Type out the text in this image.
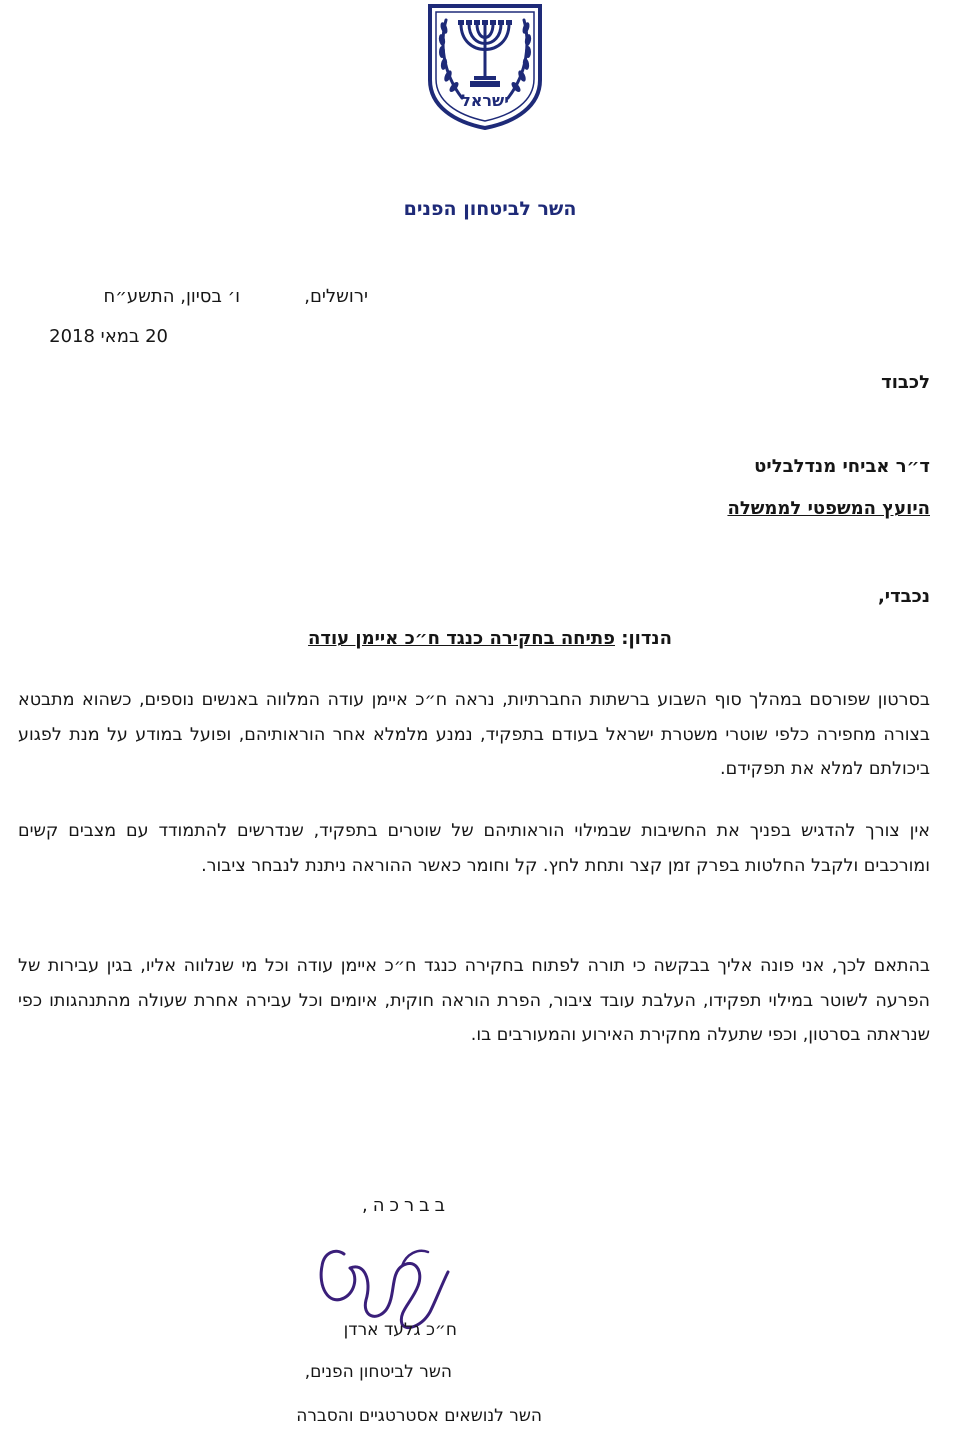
ישראל
השר לביטחון הפנים
ירושלים,
ו׳ בסיון, התשע״ח
20 במאי 2018
לכבוד
ד״ר אביחי מנדלבליט
היועץ המשפטי לממשלה
נכבדי,
הנדון: פתיחה בחקירה כנגד ח״כ איימן עודה
בסרטון שפורסם במהלך סוף השבוע ברשתות החברתיות, נראה ח״כ איימן עודה המלווה באנשים נוספים, כשהוא מתבטא בצורה מחפירה כלפי שוטרי משטרת ישראל בעודם בתפקיד, נמנע מלמלא אחר הוראותיהם, ופועל במודע על מנת לפגוע ביכולתם למלא את תפקידם.
אין צורך להדגיש בפניך את החשיבות שבמילוי הוראותיהם של שוטרים בתפקיד, שנדרשים להתמודד עם מצבים קשים ומורכבים ולקבל החלטות בפרק זמן קצר ותחת לחץ. קל וחומר כאשר ההוראה ניתנת לנבחר ציבור.
בהתאם לכך, אני פונה אליך בבקשה כי תורה לפתוח בחקירה כנגד ח״כ איימן עודה וכל מי שנלווה אליו, בגין עבירות של הפרעה לשוטר במילוי תפקידו, העלבת עובד ציבור, הפרת הוראה חוקית, איומים וכל עבירה אחרת שעולה מהתנהגותו כפי שנראתה בסרטון, וכפי שתעלה מחקירת האירוע והמעורבים בו.
בברכה,
ח״כ גלעד ארדן
השר לביטחון הפנים,
השר לנושאים אסטרטגיים והסברה
